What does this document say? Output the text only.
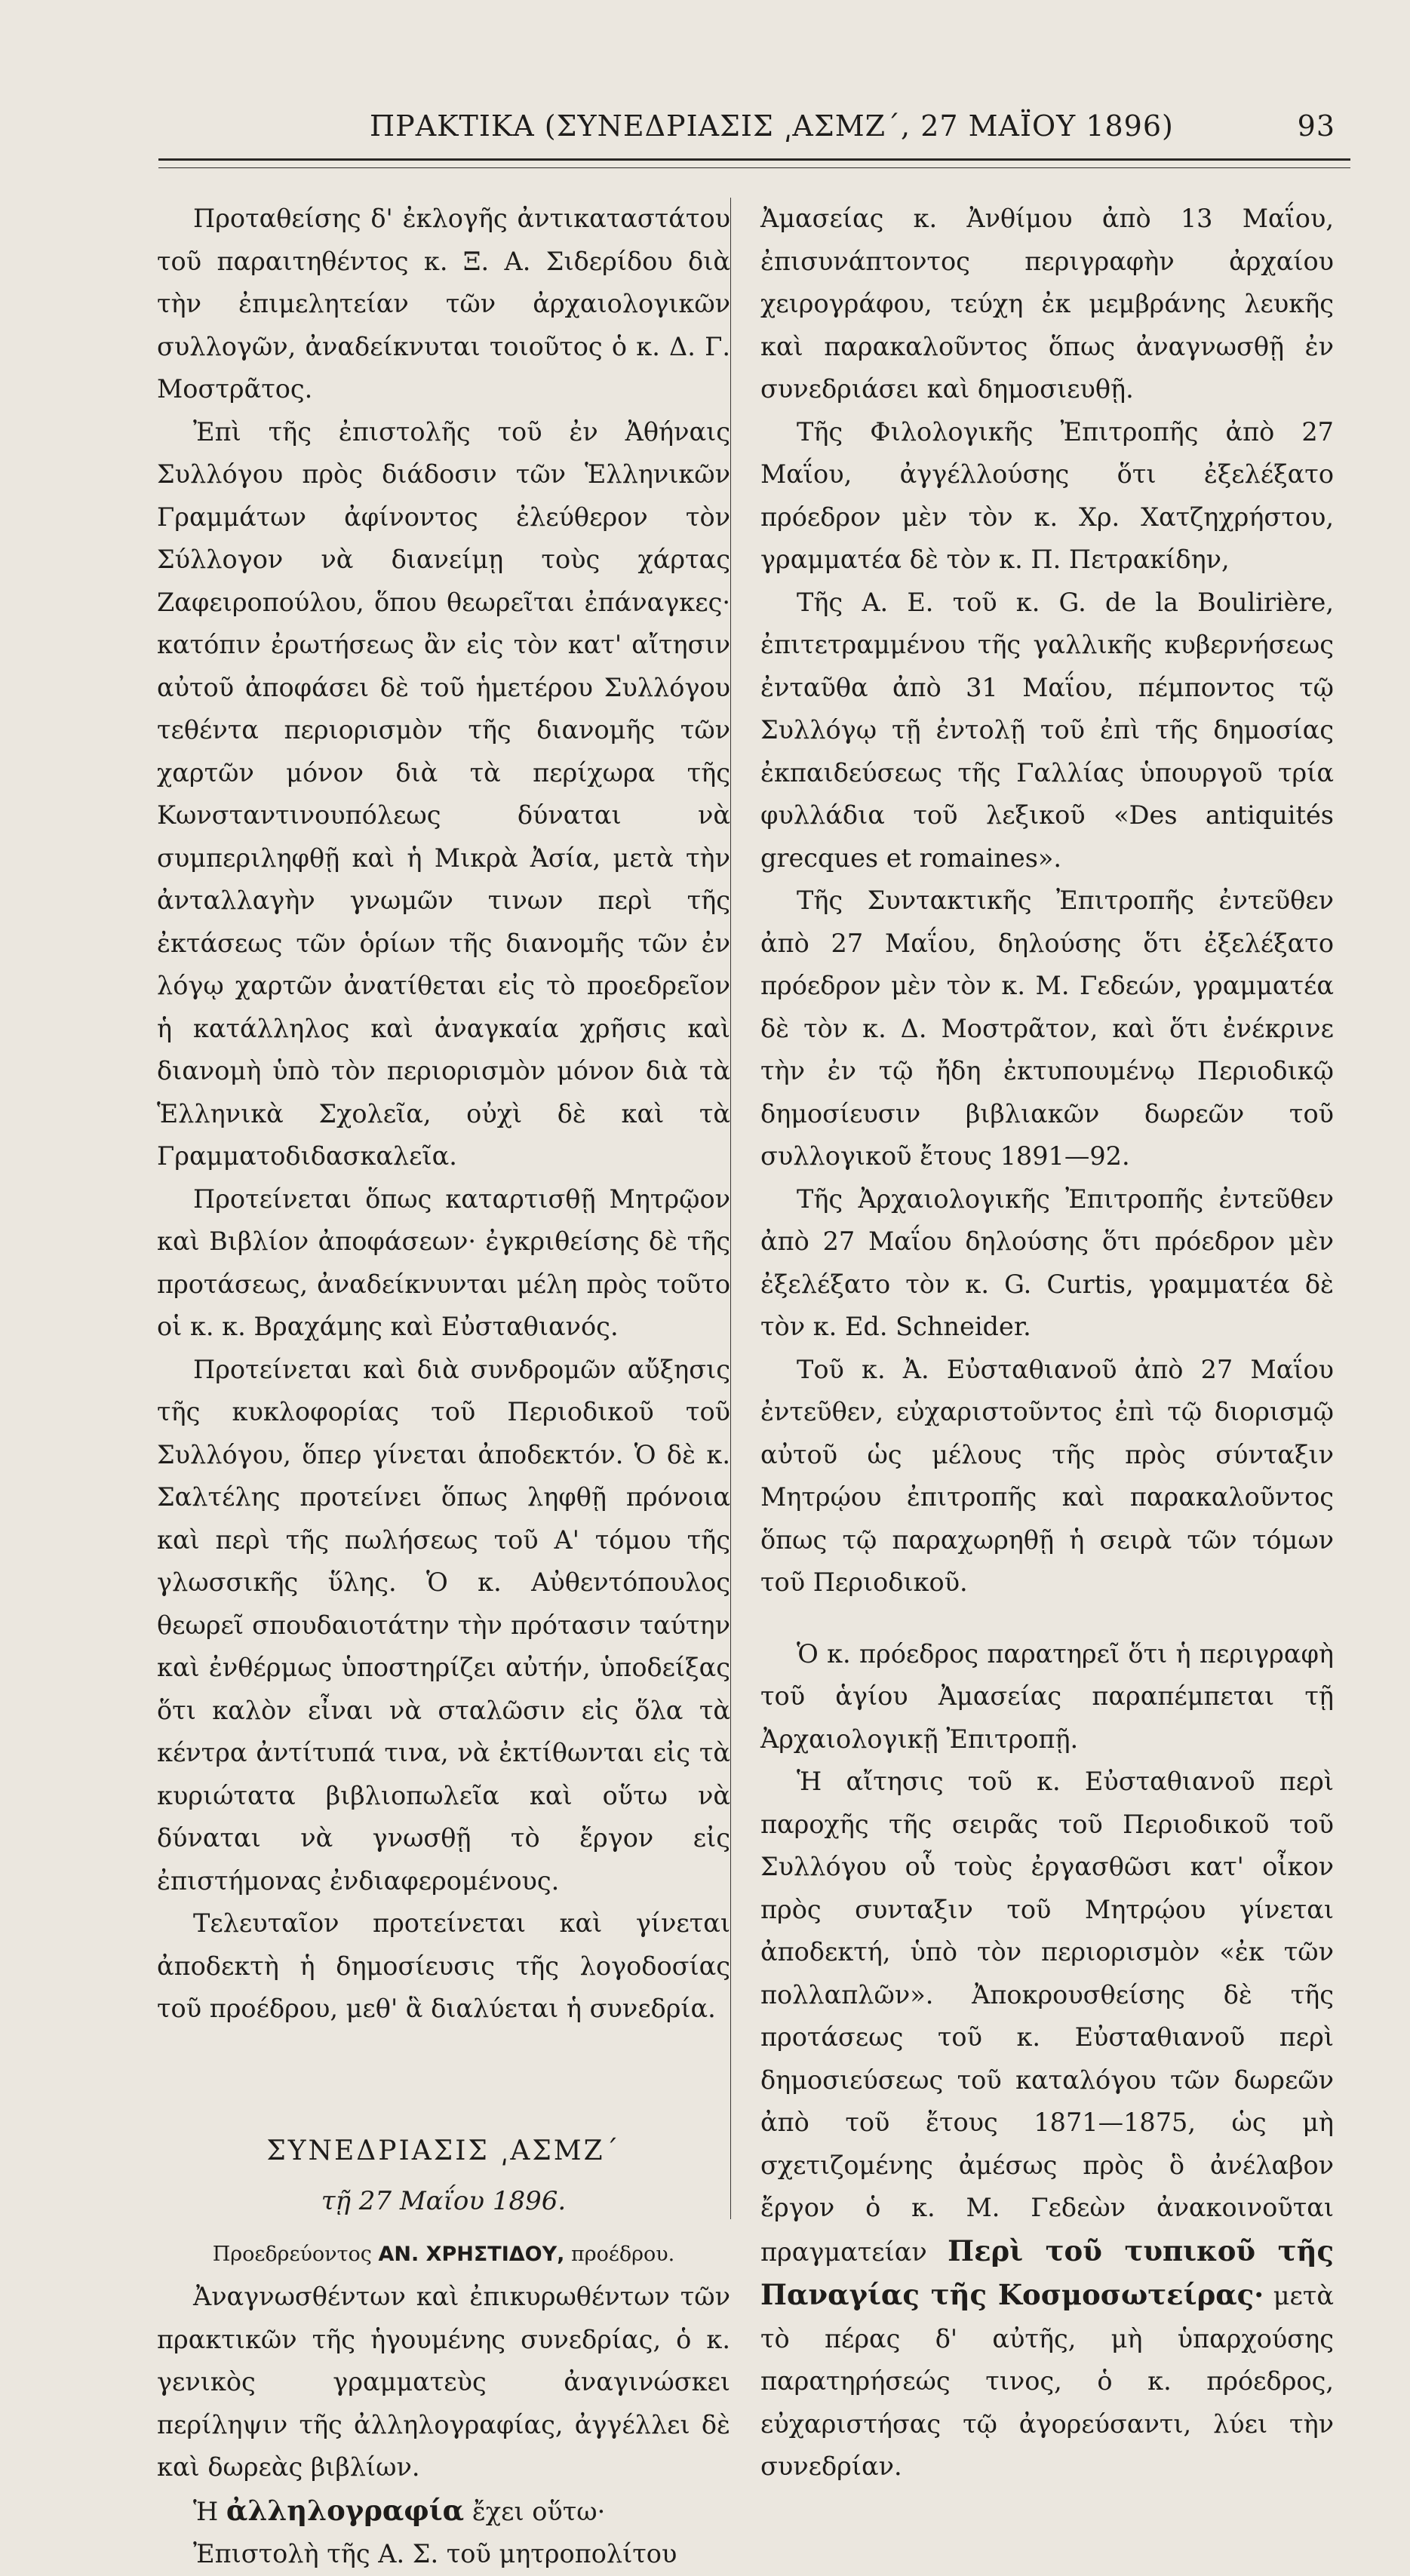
ΠΡΑΚΤΙΚΑ (ΣΥΝΕΔΡΙΑΣΙΣ ͵ΑΣΜΖ΄, 27 ΜΑΪΟΥ 1896)	93

Προταθείσης δ' ἐκλογῆς ἀντικαταστάτου τοῦ παραιτηθέντος κ. Ξ. Α. Σιδερίδου διὰ τὴν ἐπιμελητείαν τῶν ἀρχαιολογικῶν συλλογῶν, ἀναδείκνυται τοιοῦτος ὁ κ. Δ. Γ. Μοστρᾶτος.

Ἐπὶ τῆς ἐπιστολῆς τοῦ ἐν Ἀθήναις Συλλόγου πρὸς διάδοσιν τῶν Ἑλληνικῶν Γραμμάτων ἀφίνοντος ἐλεύθερον τὸν Σύλλογον νὰ διανείμῃ τοὺς χάρτας Ζαφειροπούλου, ὅπου θεωρεῖται ἐπάναγκες· κατόπιν ἐρωτήσεως ἂν εἰς τὸν κατ' αἴτησιν αὐτοῦ ἀποφάσει δὲ τοῦ ἡμετέρου Συλλόγου τεθέντα περιορισμὸν τῆς διανομῆς τῶν χαρτῶν μόνον διὰ τὰ περίχωρα τῆς Κωνσταντινουπόλεως δύναται νὰ συμπεριληφθῇ καὶ ἡ Μικρὰ Ἀσία, μετὰ τὴν ἀνταλλαγὴν γνωμῶν τινων περὶ τῆς ἐκτάσεως τῶν ὁρίων τῆς διανομῆς τῶν ἐν λόγῳ χαρτῶν ἀνατίθεται εἰς τὸ προεδρεῖον ἡ κατάλληλος καὶ ἀναγκαία χρῆσις καὶ διανομὴ ὑπὸ τὸν περιορισμὸν μόνον διὰ τὰ Ἑλληνικὰ Σχολεῖα, οὐχὶ δὲ καὶ τὰ Γραμματοδιδασκαλεῖα.

Προτείνεται ὅπως καταρτισθῇ Μητρῷον καὶ Βιβλίον ἀποφάσεων· ἐγκριθείσης δὲ τῆς προτάσεως, ἀναδείκνυνται μέλη πρὸς τοῦτο οἱ κ. κ. Βραχάμης καὶ Εὐσταθιανός.

Προτείνεται καὶ διὰ συνδρομῶν αὔξησις τῆς κυκλοφορίας τοῦ Περιοδικοῦ τοῦ Συλλόγου, ὅπερ γίνεται ἀποδεκτόν. Ὁ δὲ κ. Σαλτέλης προτείνει ὅπως ληφθῇ πρόνοια καὶ περὶ τῆς πωλήσεως τοῦ Α' τόμου τῆς γλωσσικῆς ὕλης. Ὁ κ. Αὐθεντόπουλος θεωρεῖ σπουδαιοτάτην τὴν πρότασιν ταύτην καὶ ἐνθέρμως ὑποστηρίζει αὐτήν, ὑποδείξας ὅτι καλὸν εἶναι νὰ σταλῶσιν εἰς ὅλα τὰ κέντρα ἀντίτυπά τινα, νὰ ἐκτίθωνται εἰς τὰ κυριώτατα βιβλιοπωλεῖα καὶ οὕτω νὰ δύναται νὰ γνωσθῇ τὸ ἔργον εἰς ἐπιστήμονας ἐνδιαφερομένους.

Τελευταῖον προτείνεται καὶ γίνεται ἀποδεκτὴ ἡ δημοσίευσις τῆς λογοδοσίας τοῦ προέδρου, μεθ' ἃ διαλύεται ἡ συνεδρία.

ΣΥΝΕΔΡΙΑΣΙΣ ͵ΑΣΜΖ΄
τῇ 27 Μαΐου 1896.
Προεδρεύοντος ΑΝ. ΧΡΗΣΤΙΔΟΥ, προέδρου.

Ἀναγνωσθέντων καὶ ἐπικυρωθέντων τῶν πρακτικῶν τῆς ἡγουμένης συνεδρίας, ὁ κ. γενικὸς γραμματεὺς ἀναγινώσκει περίληψιν τῆς ἀλληλογραφίας, ἀγγέλλει δὲ καὶ δωρεὰς βιβλίων.

Ἡ ἀλληλογραφία ἔχει οὕτω·

Ἐπιστολὴ τῆς Α. Σ. τοῦ μητροπολίτου

Ἀμασείας κ. Ἀνθίμου ἀπὸ 13 Μαΐου, ἐπισυνάπτοντος περιγραφὴν ἀρχαίου χειρογράφου, τεύχη ἐκ μεμβράνης λευκῆς καὶ παρακαλοῦντος ὅπως ἀναγνωσθῇ ἐν συνεδριάσει καὶ δημοσιευθῇ.

Τῆς Φιλολογικῆς Ἐπιτροπῆς ἀπὸ 27 Μαΐου, ἀγγέλλούσης ὅτι ἐξελέξατο πρόεδρον μὲν τὸν κ. Χρ. Χατζηχρήστου, γραμματέα δὲ τὸν κ. Π. Πετρακίδην,

Τῆς Α. Ε. τοῦ κ. G. de la Boulirière, ἐπιτετραμμένου τῆς γαλλικῆς κυβερνήσεως ἐνταῦθα ἀπὸ 31 Μαΐου, πέμποντος τῷ Συλλόγῳ τῇ ἐντολῇ τοῦ ἐπὶ τῆς δημοσίας ἐκπαιδεύσεως τῆς Γαλλίας ὑπουργοῦ τρία φυλλάδια τοῦ λεξικοῦ «Des antiquités grecques et romaines».

Τῆς Συντακτικῆς Ἐπιτροπῆς ἐντεῦθεν ἀπὸ 27 Μαΐου, δηλούσης ὅτι ἐξελέξατο πρόεδρον μὲν τὸν κ. Μ. Γεδεών, γραμματέα δὲ τὸν κ. Δ. Μοστρᾶτον, καὶ ὅτι ἐνέκρινε τὴν ἐν τῷ ἤδη ἐκτυπουμένῳ Περιοδικῷ δημοσίευσιν βιβλιακῶν δωρεῶν τοῦ συλλογικοῦ ἔτους 1891—92.

Τῆς Ἀρχαιολογικῆς Ἐπιτροπῆς ἐντεῦθεν ἀπὸ 27 Μαΐου δηλούσης ὅτι πρόεδρον μὲν ἐξελέξατο τὸν κ. G. Curtis, γραμματέα δὲ τὸν κ. Ed. Schneider.

Τοῦ κ. Ἀ. Εὐσταθιανοῦ ἀπὸ 27 Μαΐου ἐντεῦθεν, εὐχαριστοῦντος ἐπὶ τῷ διορισμῷ αὐτοῦ ὡς μέλους τῆς πρὸς σύνταξιν Μητρῴου ἐπιτροπῆς καὶ παρακαλοῦντος ὅπως τῷ παραχωρηθῇ ἡ σειρὰ τῶν τόμων τοῦ Περιοδικοῦ.

Ὁ κ. πρόεδρος παρατηρεῖ ὅτι ἡ περιγραφὴ τοῦ ἁγίου Ἀμασείας παραπέμπεται τῇ Ἀρχαιολογικῇ Ἐπιτροπῇ.

Ἡ αἴτησις τοῦ κ. Εὐσταθιανοῦ περὶ παροχῆς τῆς σειρᾶς τοῦ Περιοδικοῦ τοῦ Συλλόγου οὗ τοὺς ἐργασθῶσι κατ' οἶκον πρὸς συνταξιν τοῦ Μητρῴου γίνεται ἀποδεκτή, ὑπὸ τὸν περιορισμὸν «ἐκ τῶν πολλαπλῶν». Ἀποκρουσθείσης δὲ τῆς προτάσεως τοῦ κ. Εὐσταθιανοῦ περὶ δημοσιεύσεως τοῦ καταλόγου τῶν δωρεῶν ἀπὸ τοῦ ἔτους 1871—1875, ὡς μὴ σχετιζομένης ἀμέσως πρὸς ὃ ἀνέλαβον ἔργον ὁ κ. Μ. Γεδεὼν ἀνακοινοῦται πραγματείαν Περὶ τοῦ τυπικοῦ τῆς Παναγίας τῆς Κοσμοσωτείρας· μετὰ τὸ πέρας δ' αὐτῆς, μὴ ὑπαρχούσης παρατηρήσεώς τινος, ὁ κ. πρόεδρος, εὐχαριστήσας τῷ ἀγορεύσαντι, λύει τὴν συνεδρίαν.
